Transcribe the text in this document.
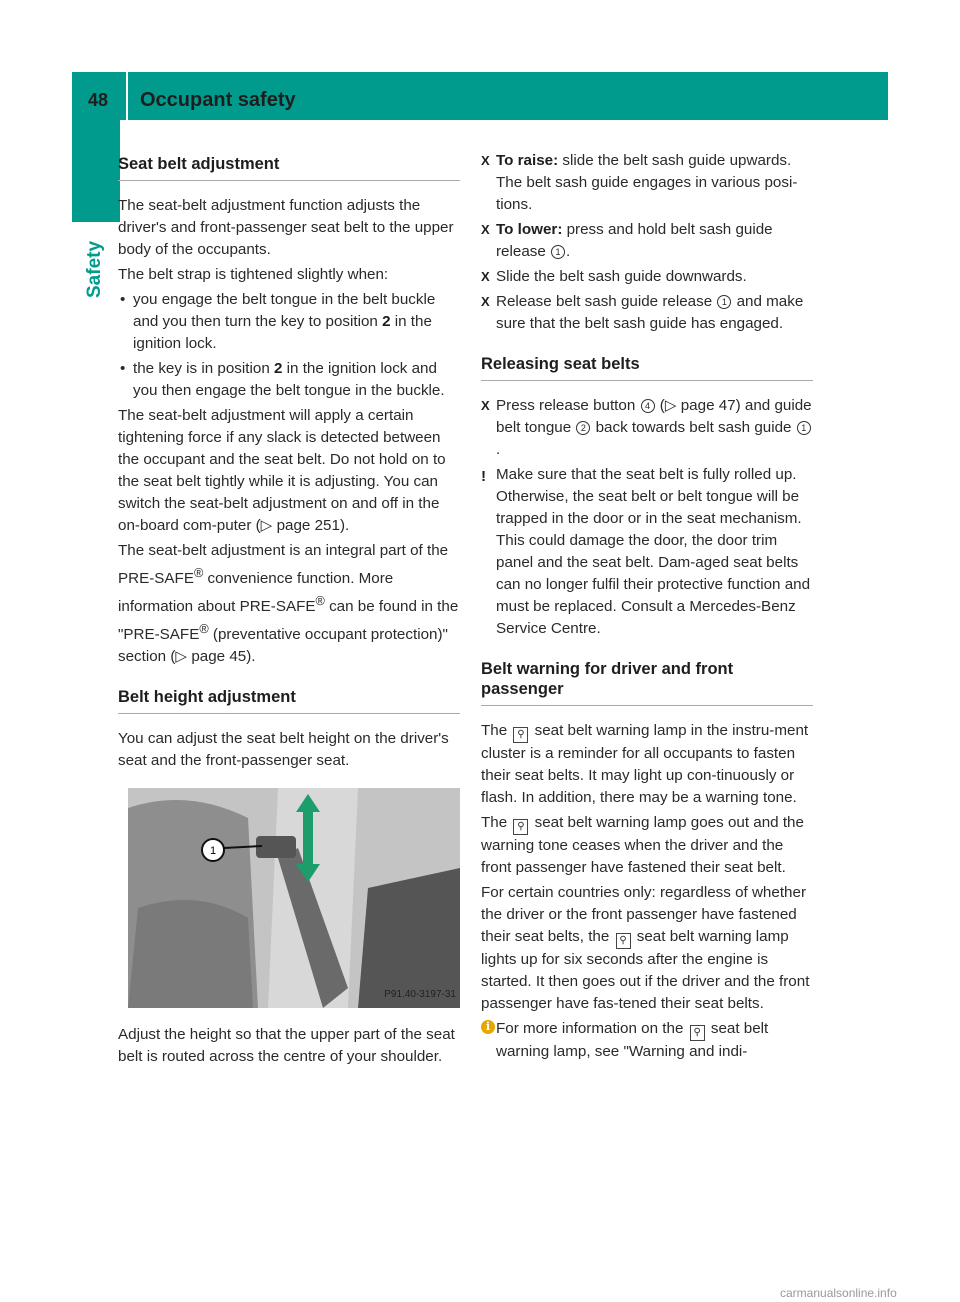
48 Occupant safety
Safety
Seat belt adjustment

The seat-belt adjustment function adjusts the driver's and front-passenger seat belt to the upper body of the occupants.

The belt strap is tightened slightly when:

• you engage the belt tongue in the belt buckle and you then turn the key to position 2 in the ignition lock.
• the key is in position 2 in the ignition lock and you then engage the belt tongue in the buckle.

The seat-belt adjustment will apply a certain tightening force if any slack is detected between the occupant and the seat belt. Do not hold on to the seat belt tightly while it is adjusting. You can switch the seat-belt adjustment on and off in the on-board com-puter (▷ page 251).

The seat-belt adjustment is an integral part of the PRE-SAFE® convenience function. More information about PRE-SAFE® can be found in the "PRE-SAFE® (preventative occupant protection)" section (▷ page 45).

Belt height adjustment

You can adjust the seat belt height on the driver's seat and the front-passenger seat.

1
P91.40-3197-31

Adjust the height so that the upper part of the seat belt is routed across the centre of your shoulder.

X To raise: slide the belt sash guide upwards. The belt sash guide engages in various posi-tions.
X To lower: press and hold belt sash guide release 1 .
X Slide the belt sash guide downwards.
X Release belt sash guide release 1 and make sure that the belt sash guide has engaged.
Releasing seat belts
X Press release button 4 (▷ page 47) and guide belt tongue 2 back towards belt sash guide 1.
! Make sure that the seat belt is fully rolled up. Otherwise, the seat belt or belt tongue will be trapped in the door or in the seat mechanism. This could damage the door, the door trim panel and the seat belt. Dam-aged seat belts can no longer fulfil their protective function and must be replaced. Consult a Mercedes-Benz Service Centre.
Belt warning for driver and front passenger

The ⚲ seat belt warning lamp in the instru-ment cluster is a reminder for all occupants to fasten their seat belts. It may light up con-tinuously or flash. In addition, there may be a warning tone.

The ⚲ seat belt warning lamp goes out and the warning tone ceases when the driver and the front passenger have fastened their seat belt.

For certain countries only: regardless of whether the driver or the front passenger have fastened their seat belts, the ⚲ seat belt warning lamp lights up for six seconds after the engine is started. It then goes out if the driver and the front passenger have fas-tened their seat belts.

i For more information on the ⚲ seat belt warning lamp, see "Warning and indi-
carmanualsonline.info
